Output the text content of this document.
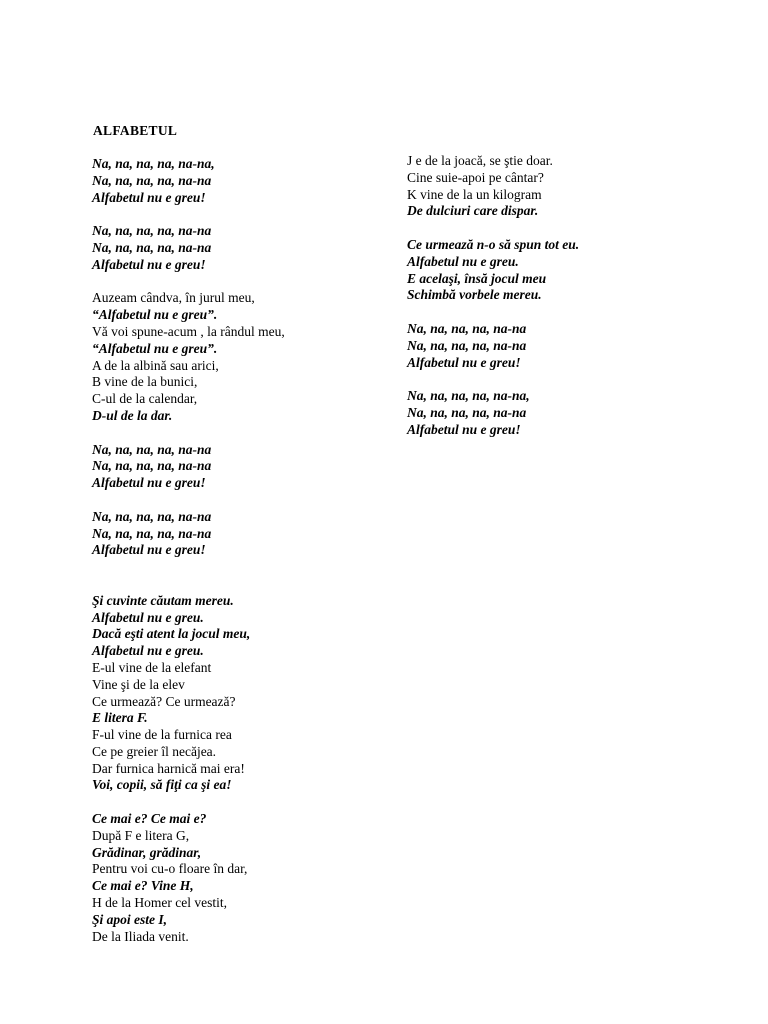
ALFABETUL
Na, na, na, na, na-na,
Na, na, na, na, na-na
Alfabetul nu e greu!
Na, na, na, na, na-na
Na, na, na, na, na-na
Alfabetul nu e greu!
Auzeam cândva, în jurul meu,
“Alfabetul nu e greu”.
Vă voi spune-acum , la rândul meu,
“Alfabetul nu e greu”.
A de la albină sau arici,
B vine de la bunici,
C-ul de la calendar,
D-ul de la dar.
Na, na, na, na, na-na
Na, na, na, na, na-na
Alfabetul nu e greu!
Na, na, na, na, na-na
Na, na, na, na, na-na
Alfabetul nu e greu!
Şi cuvinte căutam mereu.
Alfabetul nu e greu.
Dacă eşti atent la jocul meu,
Alfabetul nu e greu.
E-ul vine de la elefant
Vine şi de la elev
Ce urmează? Ce urmează?
E litera F.
F-ul vine de la furnica rea
Ce pe greier îl necăjea.
Dar furnica harnică mai era!
Voi, copii, să fiţi ca şi ea!
Ce mai e? Ce mai e?
După F e litera G,
Grădinar, grădinar,
Pentru voi cu-o floare în dar,
Ce mai e? Vine H,
H de la Homer cel vestit,
Şi apoi este I,
De la Iliada venit.
J e de la joacă, se ştie doar.
Cine suie-apoi pe cântar?
K vine de la un kilogram
De dulciuri care dispar.
Ce urmează n-o să spun tot eu.
Alfabetul nu e greu.
E acelaşi, însă jocul meu
Schimbă vorbele mereu.
Na, na, na, na, na-na
Na, na, na, na, na-na
Alfabetul nu e greu!
Na, na, na, na, na-na,
Na, na, na, na, na-na
Alfabetul nu e greu!
